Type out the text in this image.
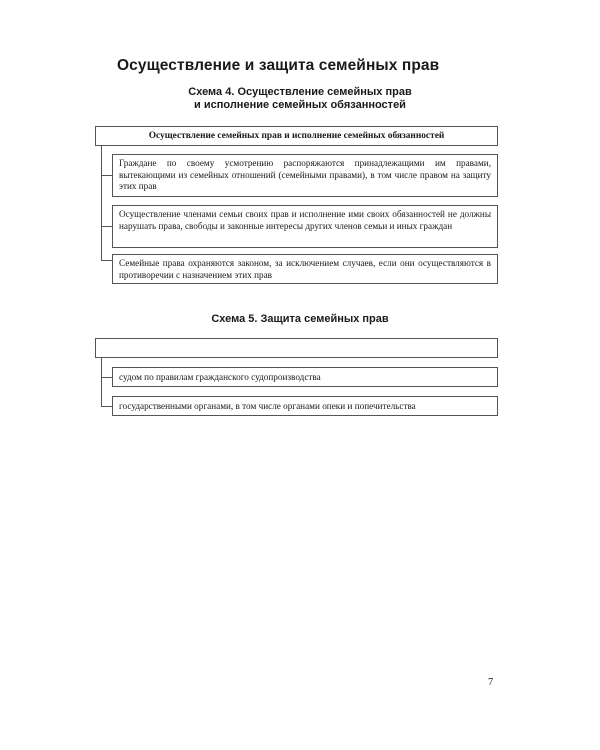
Осуществление и защита семейных прав
Схема 4. Осуществление семейных прав
и исполнение семейных обязанностей
Осуществление семейных прав и исполнение семейных обязанностей
Граждане по своему усмотрению распоряжаются принадлежащими им правами, вытекающими из семейных отношений (семейными правами), в том числе правом на защиту этих прав
Осуществление членами семьи своих прав и исполнение ими своих обязанностей не должны нарушать права, свободы и законные интересы других членов семьи и иных граждан
Семейные права охраняются законом, за исключением случаев, если они осуществляются в противоречии с назначением этих прав
Схема 5. Защита семейных прав
судом по правилам гражданского судопроизводства
государственными органами, в том числе органами опеки и попечительства
7
